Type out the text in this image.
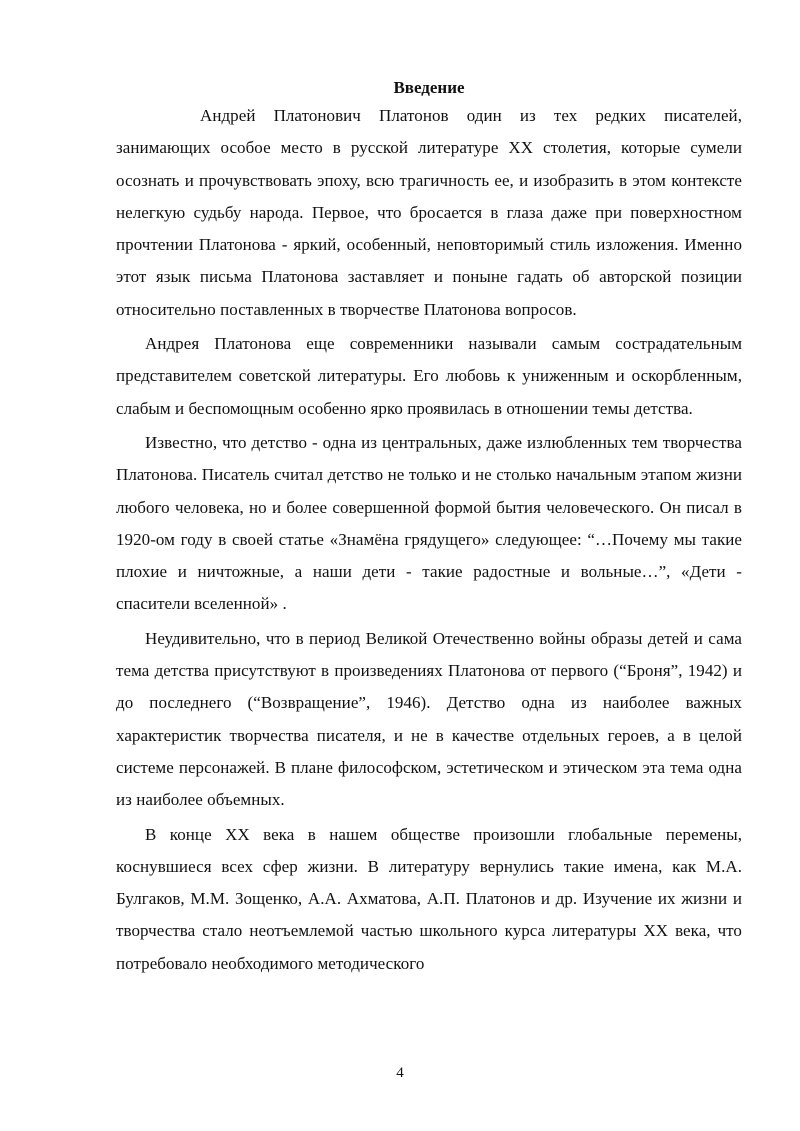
Введение

Андрей Платонович Платонов один из тех редких писателей, занимающих особое место в русской литературе XX столетия, которые сумели осознать и прочувствовать эпоху, всю трагичность ее, и изобразить в этом контексте нелегкую судьбу народа. Первое, что бросается в глаза даже при поверхностном прочтении Платонова - яркий, особенный, неповторимый стиль изложения. Именно этот язык письма Платонова заставляет и поныне гадать об авторской позиции относительно поставленных в творчестве Платонова вопросов.

Андрея Платонова еще современники называли самым сострадательным представителем советской литературы. Его любовь к униженным и оскорбленным, слабым и беспомощным особенно ярко проявилась в отношении темы детства.

Известно, что детство - одна из центральных, даже излюбленных тем творчества Платонова. Писатель считал детство не только и не столько начальным этапом жизни любого человека, но и более совершенной формой бытия человеческого. Он писал в 1920-ом году в своей статье «Знамёна грядущего» следующее: “…Почему мы такие плохие и ничтожные, а наши дети - такие радостные и вольные…”, «Дети - спасители вселенной» .

Неудивительно, что в период Великой Отечественно войны образы детей и сама тема детства присутствуют в произведениях Платонова от первого (“Броня”, 1942) и до последнего (“Возвращение”, 1946). Детство одна из наиболее важных характеристик творчества писателя, и не в качестве отдельных героев, а в целой системе персонажей. В плане философском, эстетическом и этическом эта тема одна из наиболее объемных.

В конце XX века в нашем обществе произошли глобальные перемены, коснувшиеся всех сфер жизни. В литературу вернулись такие имена, как М.А. Булгаков, М.М. Зощенко, А.А. Ахматова, А.П. Платонов и др. Изучение их жизни и творчества стало неотъемлемой частью школьного курса литературы XX века, что потребовало необходимого методического

4
